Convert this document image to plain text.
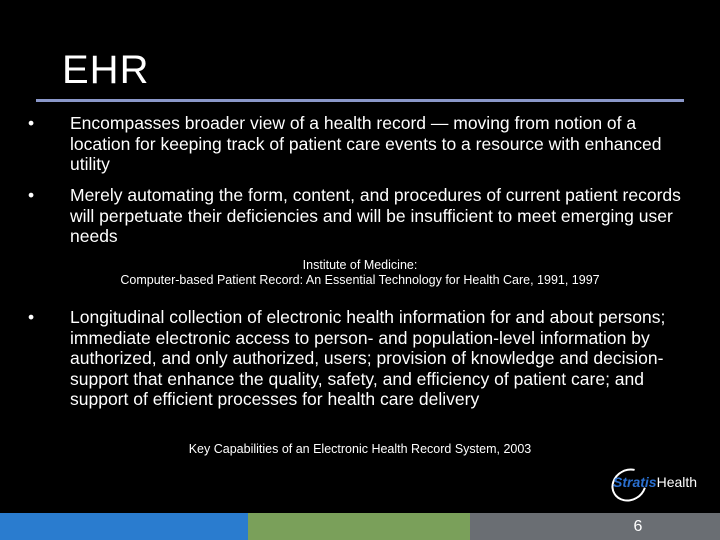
EHR
•	Encompasses broader view of a health record — moving from notion of a location for keeping track of patient care events to a resource with enhanced utility
•	Merely automating the form, content, and procedures of current patient records will perpetuate their deficiencies and will be insufficient to meet emerging user needs
Institute of Medicine:
Computer-based Patient Record: An Essential Technology for Health Care, 1991, 1997
•	Longitudinal collection of electronic health information for and about persons; immediate electronic access to person- and population-level information by authorized, and only authorized, users; provision of knowledge and decision-support that enhance the quality, safety, and efficiency of patient care; and support of efficient processes for health care delivery
Key Capabilities of an Electronic Health Record System, 2003
StratisHealth
6
